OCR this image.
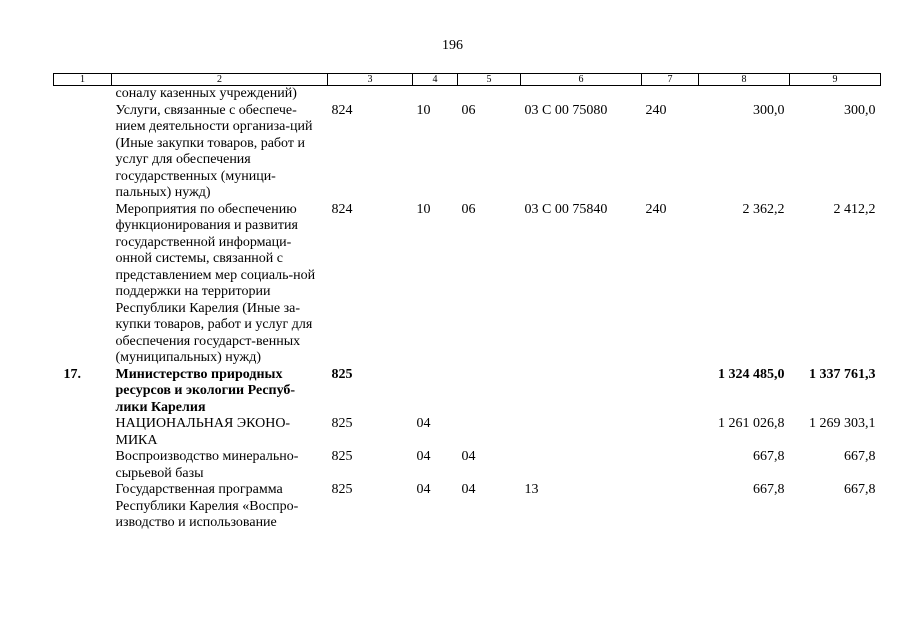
196
1	2	3	4	5	6	7	8	9
	соналу казенных учреждений)							
	Услуги, связанные с обеспече-нием деятельности организа-ций (Иные закупки товаров, работ и услуг для обеспечения государственных (муници-пальных) нужд)	824	10	06	03 С 00 75080	240	300,0	300,0
	Мероприятия по обеспечению функционирования и развития государственной информаци-онной системы, связанной с представлением мер социаль-ной поддержки на территории Республики Карелия (Иные за-купки товаров, работ и услуг для обеспечения государст-венных (муниципальных) нужд)	824	10	06	03 С 00 75840	240	2 362,2	2 412,2
17.	Министерство природных ресурсов и экологии Респуб-лики Карелия	825					1 324 485,0	1 337 761,3
	НАЦИОНАЛЬНАЯ ЭКОНО-МИКА	825	04				1 261 026,8	1 269 303,1
	Воспроизводство минерально-сырьевой базы	825	04	04			667,8	667,8
	Государственная программа Республики Карелия «Воспро-изводство и использование	825	04	04	13		667,8	667,8
